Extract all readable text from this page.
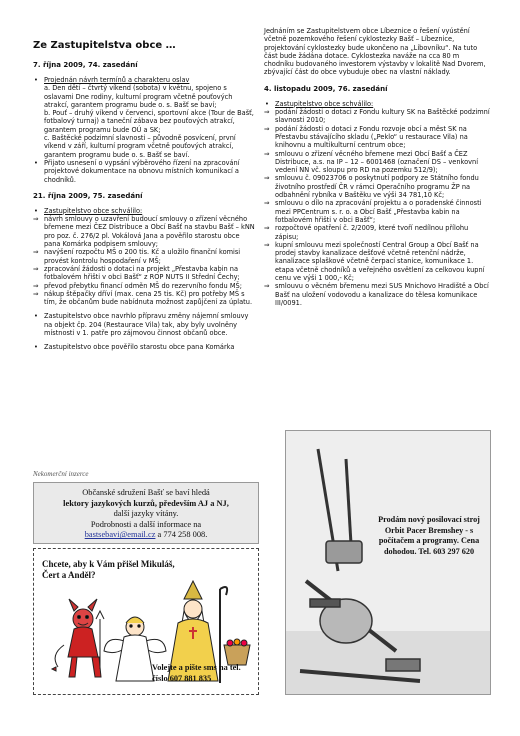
Ze Zastupitelstva obce …

7. října 2009, 74. zasedání

• Projednán návrh termínů a charakteru oslav

a. Den dětí – čtvrtý víkend (sobota) v květnu, spojeno s oslavami Dne rodiny, kulturní program včetně pouťových atrakcí, garantem programu bude o. s. Bašť se baví;

b. Pouť – druhý víkend v červenci, sportovní akce (Tour de Bašť, fotbalový turnaj) a taneční zábava bez pouťových atrakcí, garantem programu bude OÚ a SK;

c. Baštěcké podzimní slavnosti – původně posvícení, první víkend v září, kulturní program včetně pouťových atrakcí, garantem programu bude o. s. Bašť se baví.

• Přijato usnesení o vypsání výběrového řízení na zpracování projektové dokumentace na obnovu místních komunikací a chodníků.

21. října 2009, 75. zasedání

• Zastupitelstvo obce schválilo:

⇒ návrh smlouvy o uzavření budoucí smlouvy o zřízení věcného břemene mezi ČEZ Distribuce a Obcí Bašť na stavbu Bašť – kNN pro poz. č. 276/2 pl. Vokálová Jana a pověřilo starostu obce pana Komárka podpisem smlouvy;

⇒ navýšení rozpočtu MŠ o 200 tis. Kč a uložilo finanční komisi provést kontrolu hospodaření v MŠ;

⇒ zpracování žádosti o dotaci na projekt „Přestavba kabin na fotbalovém hřišti v obci Bašť“ z ROP NUTS II Střední Čechy;

⇒ převod přebytku financí odměn MŠ do rezervního fondu MŠ;

⇒ nákup štěpačky dříví (max. cena 25 tis. Kč) pro potřeby MŠ s tím, že občanům bude nabídnuta možnost zapůjčení za úplatu.

• Zastupitelstvo obce navrhlo přípravu změny nájemní smlouvy na objekt čp. 204 (Restaurace Vila) tak, aby byly uvolněny místnosti v 1. patře pro zájmovou činnost občanů obce.

• Zastupitelstvo obce pověřilo starostu obce pana Komárka

Jednáním se Zastupitelstvem obce Líbeznice o řešení vyústění včetně pozemkového řešení cyklostezky Bašť – Líbeznice, projektování cyklostezky bude ukončeno na „Líbovníku“. Na tuto část bude žádána dotace. Cyklostezka naváže na cca 80 m chodníku budovaného investorem výstavby v lokalitě Nad Dvorem, zbývající část do obce vybuduje obec na vlastní náklady.

4. listopadu 2009, 76. zasedání

• Zastupitelstvo obce schválilo:

⇒ podání žádosti o dotaci z Fondu kultury SK na Baštěcké podzimní slavnosti 2010;

⇒ podání žádosti o dotaci z Fondu rozvoje obcí a měst SK na Přestavbu stávajícího skladu („Peklo“ u restaurace Vila) na knihovnu a multikulturní centrum obce;

⇒ smlouvu o zřízení věcného břemene mezi Obcí Bašť a ČEZ Distribuce, a.s. na IP – 12 – 6001468 (označení DS – venkovní vedení NN vč. sloupu pro RD na pozemku 512/9);

⇒ smlouvu č. 09023706 o poskytnutí podpory ze Státního fondu životního prostředí ČR v rámci Operačního programu ŽP na odbahnění rybníka v Baštěku ve výši 34 781,10 Kč;

⇒ smlouvu o dílo na zpracování projektu a o poradenské činnosti mezi PPCentrum s. r. o. a Obcí Bašť „Přestavba kabin na fotbalovém hřišti v obci Bašť“;

⇒ rozpočtové opatření č. 2/2009, které tvoří nedílnou přílohu zápisu;

⇒ kupní smlouvu mezi společností Central Group a Obcí Bašť na prodej stavby kanalizace dešťové včetně retenční nádrže, kanalizace splaškové včetně čerpací stanice, komunikace 1. etapa včetně chodníků a veřejného osvětlení za celkovou kupní cenu ve výši 1 000,- Kč;

⇒ smlouvu o věcném břemenu mezi SUS Mnichovo Hradiště a Obcí Bašť na uložení vodovodu a kanalizace do tělesa komunikace III/0091.

Nekomerční inzerce
Občanské sdružení Bašť se baví hledá
lektory jazykových kurzů, především AJ a NJ,
další jazyky vítány.
Podrobnosti a další informace na
bastsebavi@email.cz a 774 258 008.
Chcete, aby k Vám přišel Mikuláš, Čert a Anděl?
Volejte a pište sms na tel. číslo 607 881 835
Prodám nový posilovací stroj Orbit Pacer Bremshey - s počítačem a programy. Cena dohodou. Tel. 603 297 620
